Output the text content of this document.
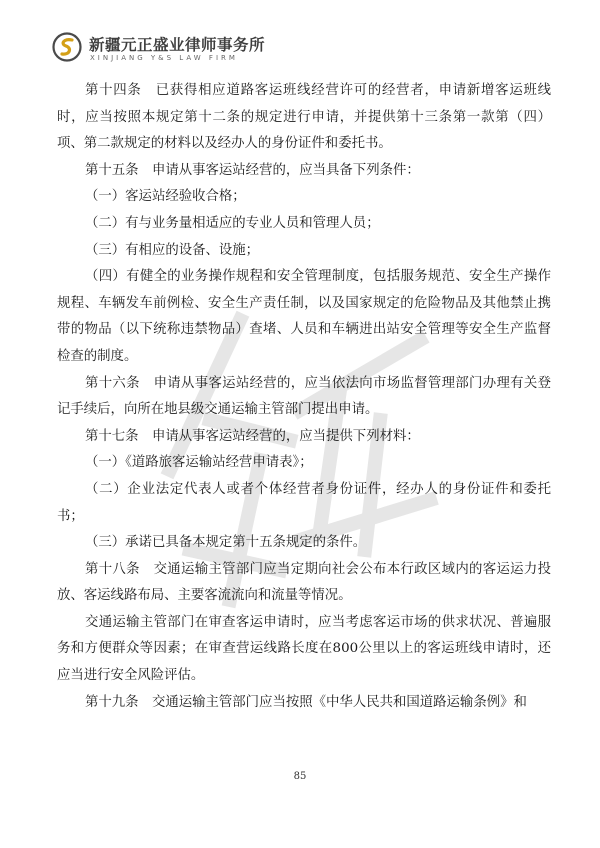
新疆元正盛业律师事务所
XINJIANG Y&S LAW FIRM

第十四条　已获得相应道路客运班线经营许可的经营者，申请新增客运班线时，应当按照本规定第十二条的规定进行申请，并提供第十三条第一款第（四）项、第二款规定的材料以及经办人的身份证件和委托书。

第十五条　申请从事客运站经营的，应当具备下列条件：

（一）客运站经验收合格；

（二）有与业务量相适应的专业人员和管理人员；

（三）有相应的设备、设施；

（四）有健全的业务操作规程和安全管理制度，包括服务规范、安全生产操作规程、车辆发车前例检、安全生产责任制，以及国家规定的危险物品及其他禁止携带的物品（以下统称违禁物品）查堵、人员和车辆进出站安全管理等安全生产监督检查的制度。

第十六条　申请从事客运站经营的，应当依法向市场监督管理部门办理有关登记手续后，向所在地县级交通运输主管部门提出申请。

第十七条　申请从事客运站经营的，应当提供下列材料：

（一）《道路旅客运输站经营申请表》；

（二）企业法定代表人或者个体经营者身份证件，经办人的身份证件和委托书；

（三）承诺已具备本规定第十五条规定的条件。

第十八条　交通运输主管部门应当定期向社会公布本行政区域内的客运运力投放、客运线路布局、主要客流流向和流量等情况。

交通运输主管部门在审查客运申请时，应当考虑客运市场的供求状况、普遍服务和方便群众等因素；在审查营运线路长度在800公里以上的客运班线申请时，还应当进行安全风险评估。

第十九条　交通运输主管部门应当按照《中华人民共和国道路运输条例》和

85
